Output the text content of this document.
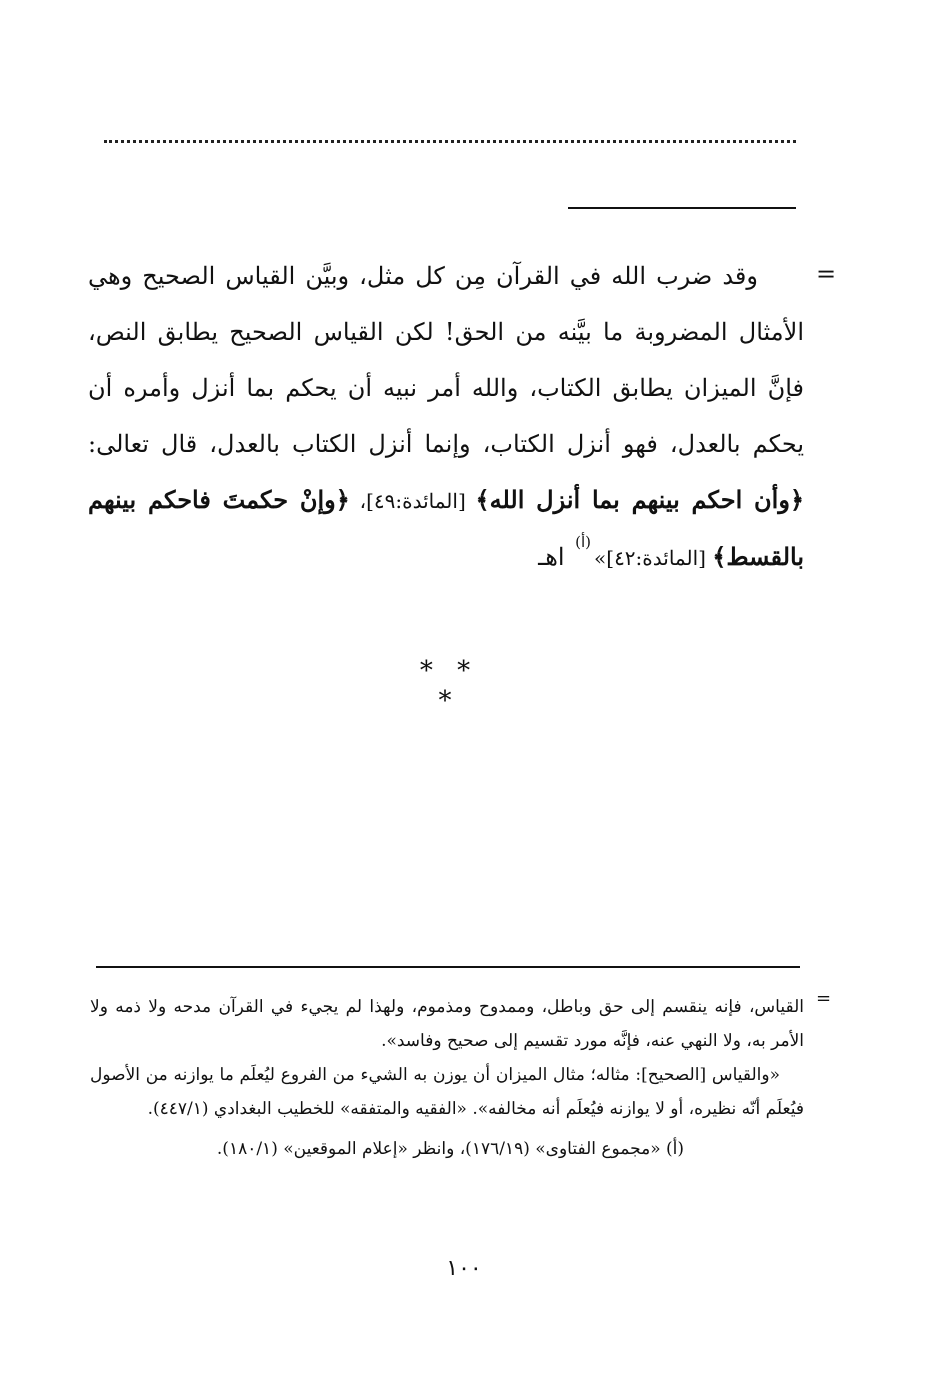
=

وقد ضرب الله في القرآن مِن كل مثل، وبيَّن القياس الصحيح وهي الأمثال المضروبة ما بيَّنه من الحق! لكن القياس الصحيح يطابق النص، فإنَّ الميزان يطابق الكتاب، والله أمر نبيه أن يحكم بما أنزل وأمره أن يحكم بالعدل، فهو أنزل الكتاب، وإنما أنزل الكتاب بالعدل، قال تعالى: ﴿وأن احكم بينهم بما أنزل الله﴾ [المائدة:٤٩]، ﴿وإنْ حكمتَ فاحكم بينهم بالقسط﴾ [المائدة:٤٢]»$^{(أ)}$ اهـ

* * *
=

القياس، فإنه ينقسم إلى حق وباطل، وممدوح ومذموم، ولهذا لم يجيء في القرآن مدحه ولا ذمه ولا الأمر به، ولا النهي عنه، فإنَّه مورد تقسيم إلى صحيح وفاسد».

«والقياس [الصحيح]: مثاله؛ مثال الميزان أن يوزن به الشيء من الفروع ليُعلَم ما يوازنه من الأصول فيُعلَم أنّه نظيره، أو لا يوازنه فيُعلَم أنه مخالفه». «الفقيه والمتفقه» للخطيب البغدادي (٤٤٧/١).

(أ) «مجموع الفتاوى» (١٧٦/١٩)، وانظر «إعلام الموقعين» (١٨٠/١).

١٠٠
